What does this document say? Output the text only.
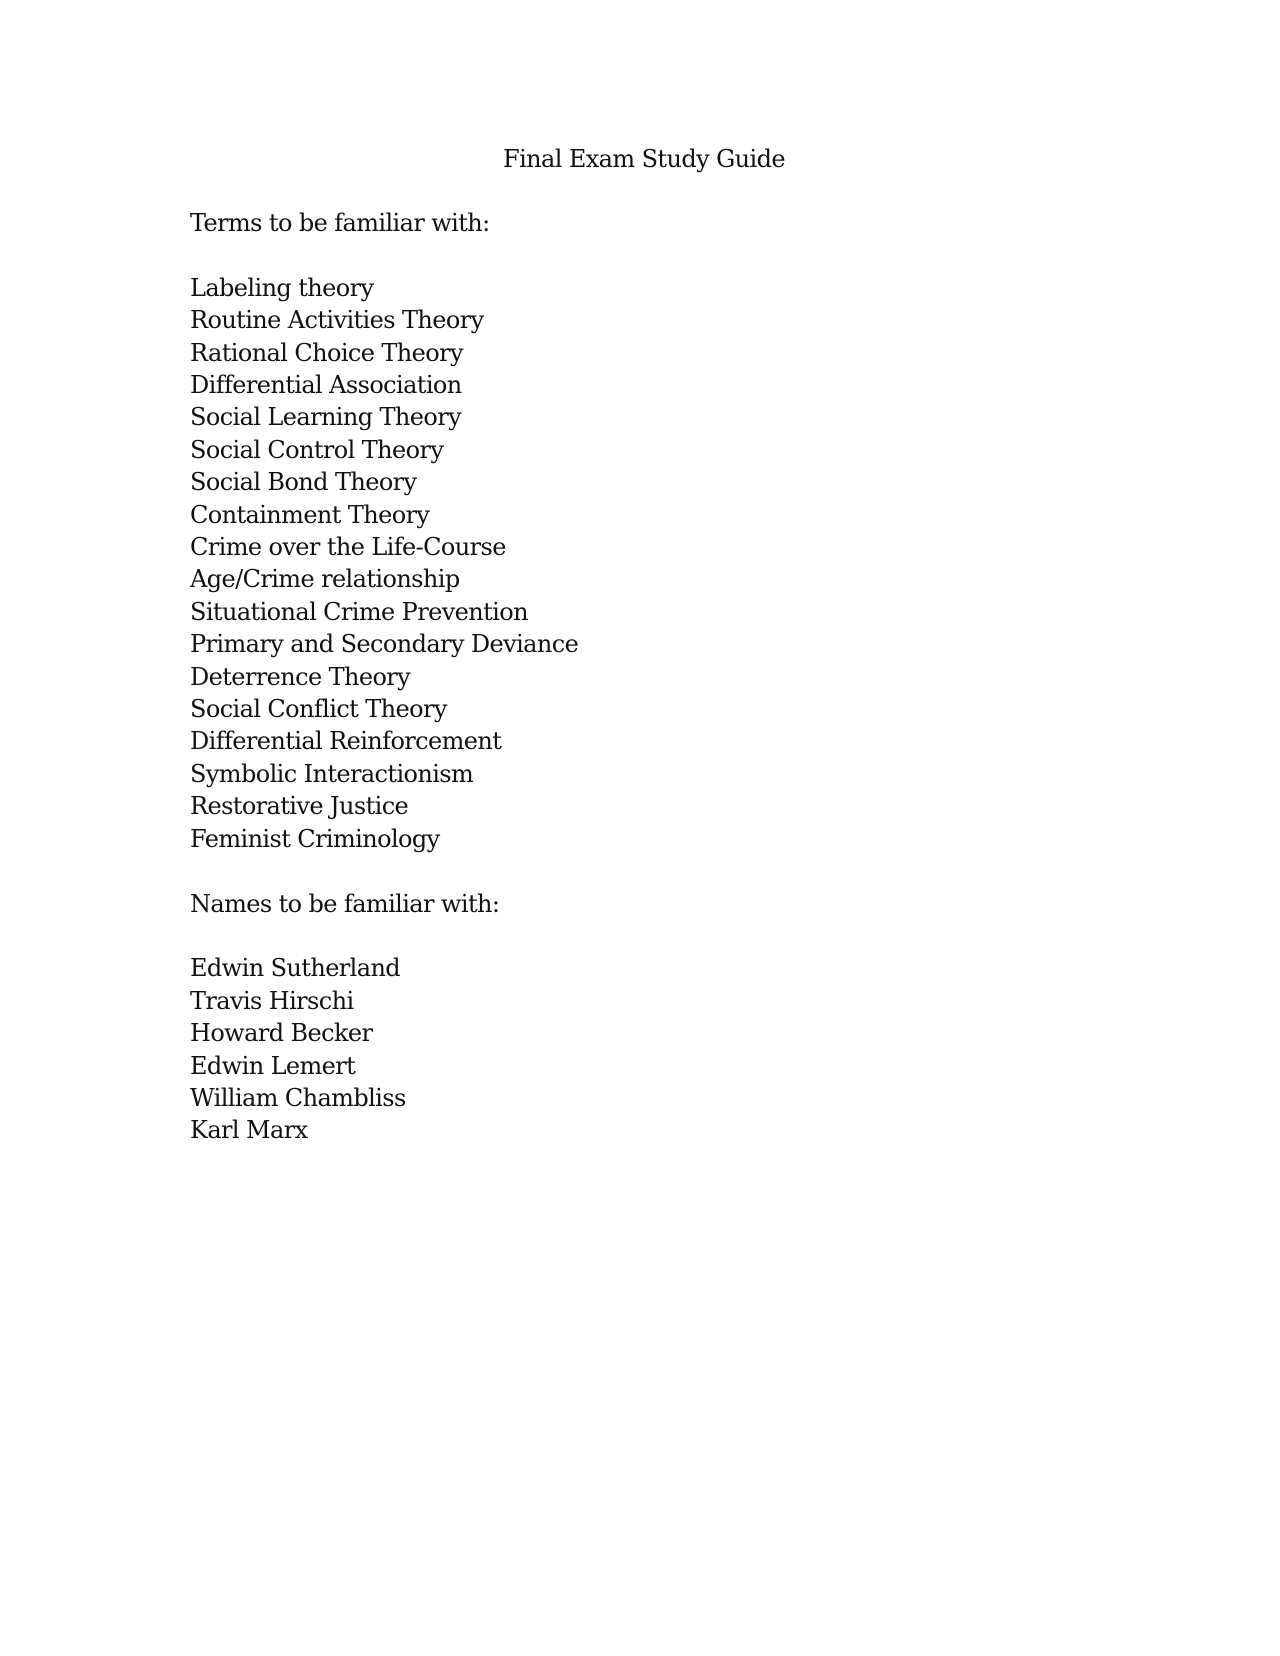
Final Exam Study Guide
Terms to be familiar with:
Labeling theory
Routine Activities Theory
Rational Choice Theory
Differential Association
Social Learning Theory
Social Control Theory
Social Bond Theory
Containment Theory
Crime over the Life-Course
Age/Crime relationship
Situational Crime Prevention
Primary and Secondary Deviance
Deterrence Theory
Social Conflict Theory
Differential Reinforcement
Symbolic Interactionism
Restorative Justice
Feminist Criminology
Names to be familiar with:
Edwin Sutherland
Travis Hirschi
Howard Becker
Edwin Lemert
William Chambliss
Karl Marx
